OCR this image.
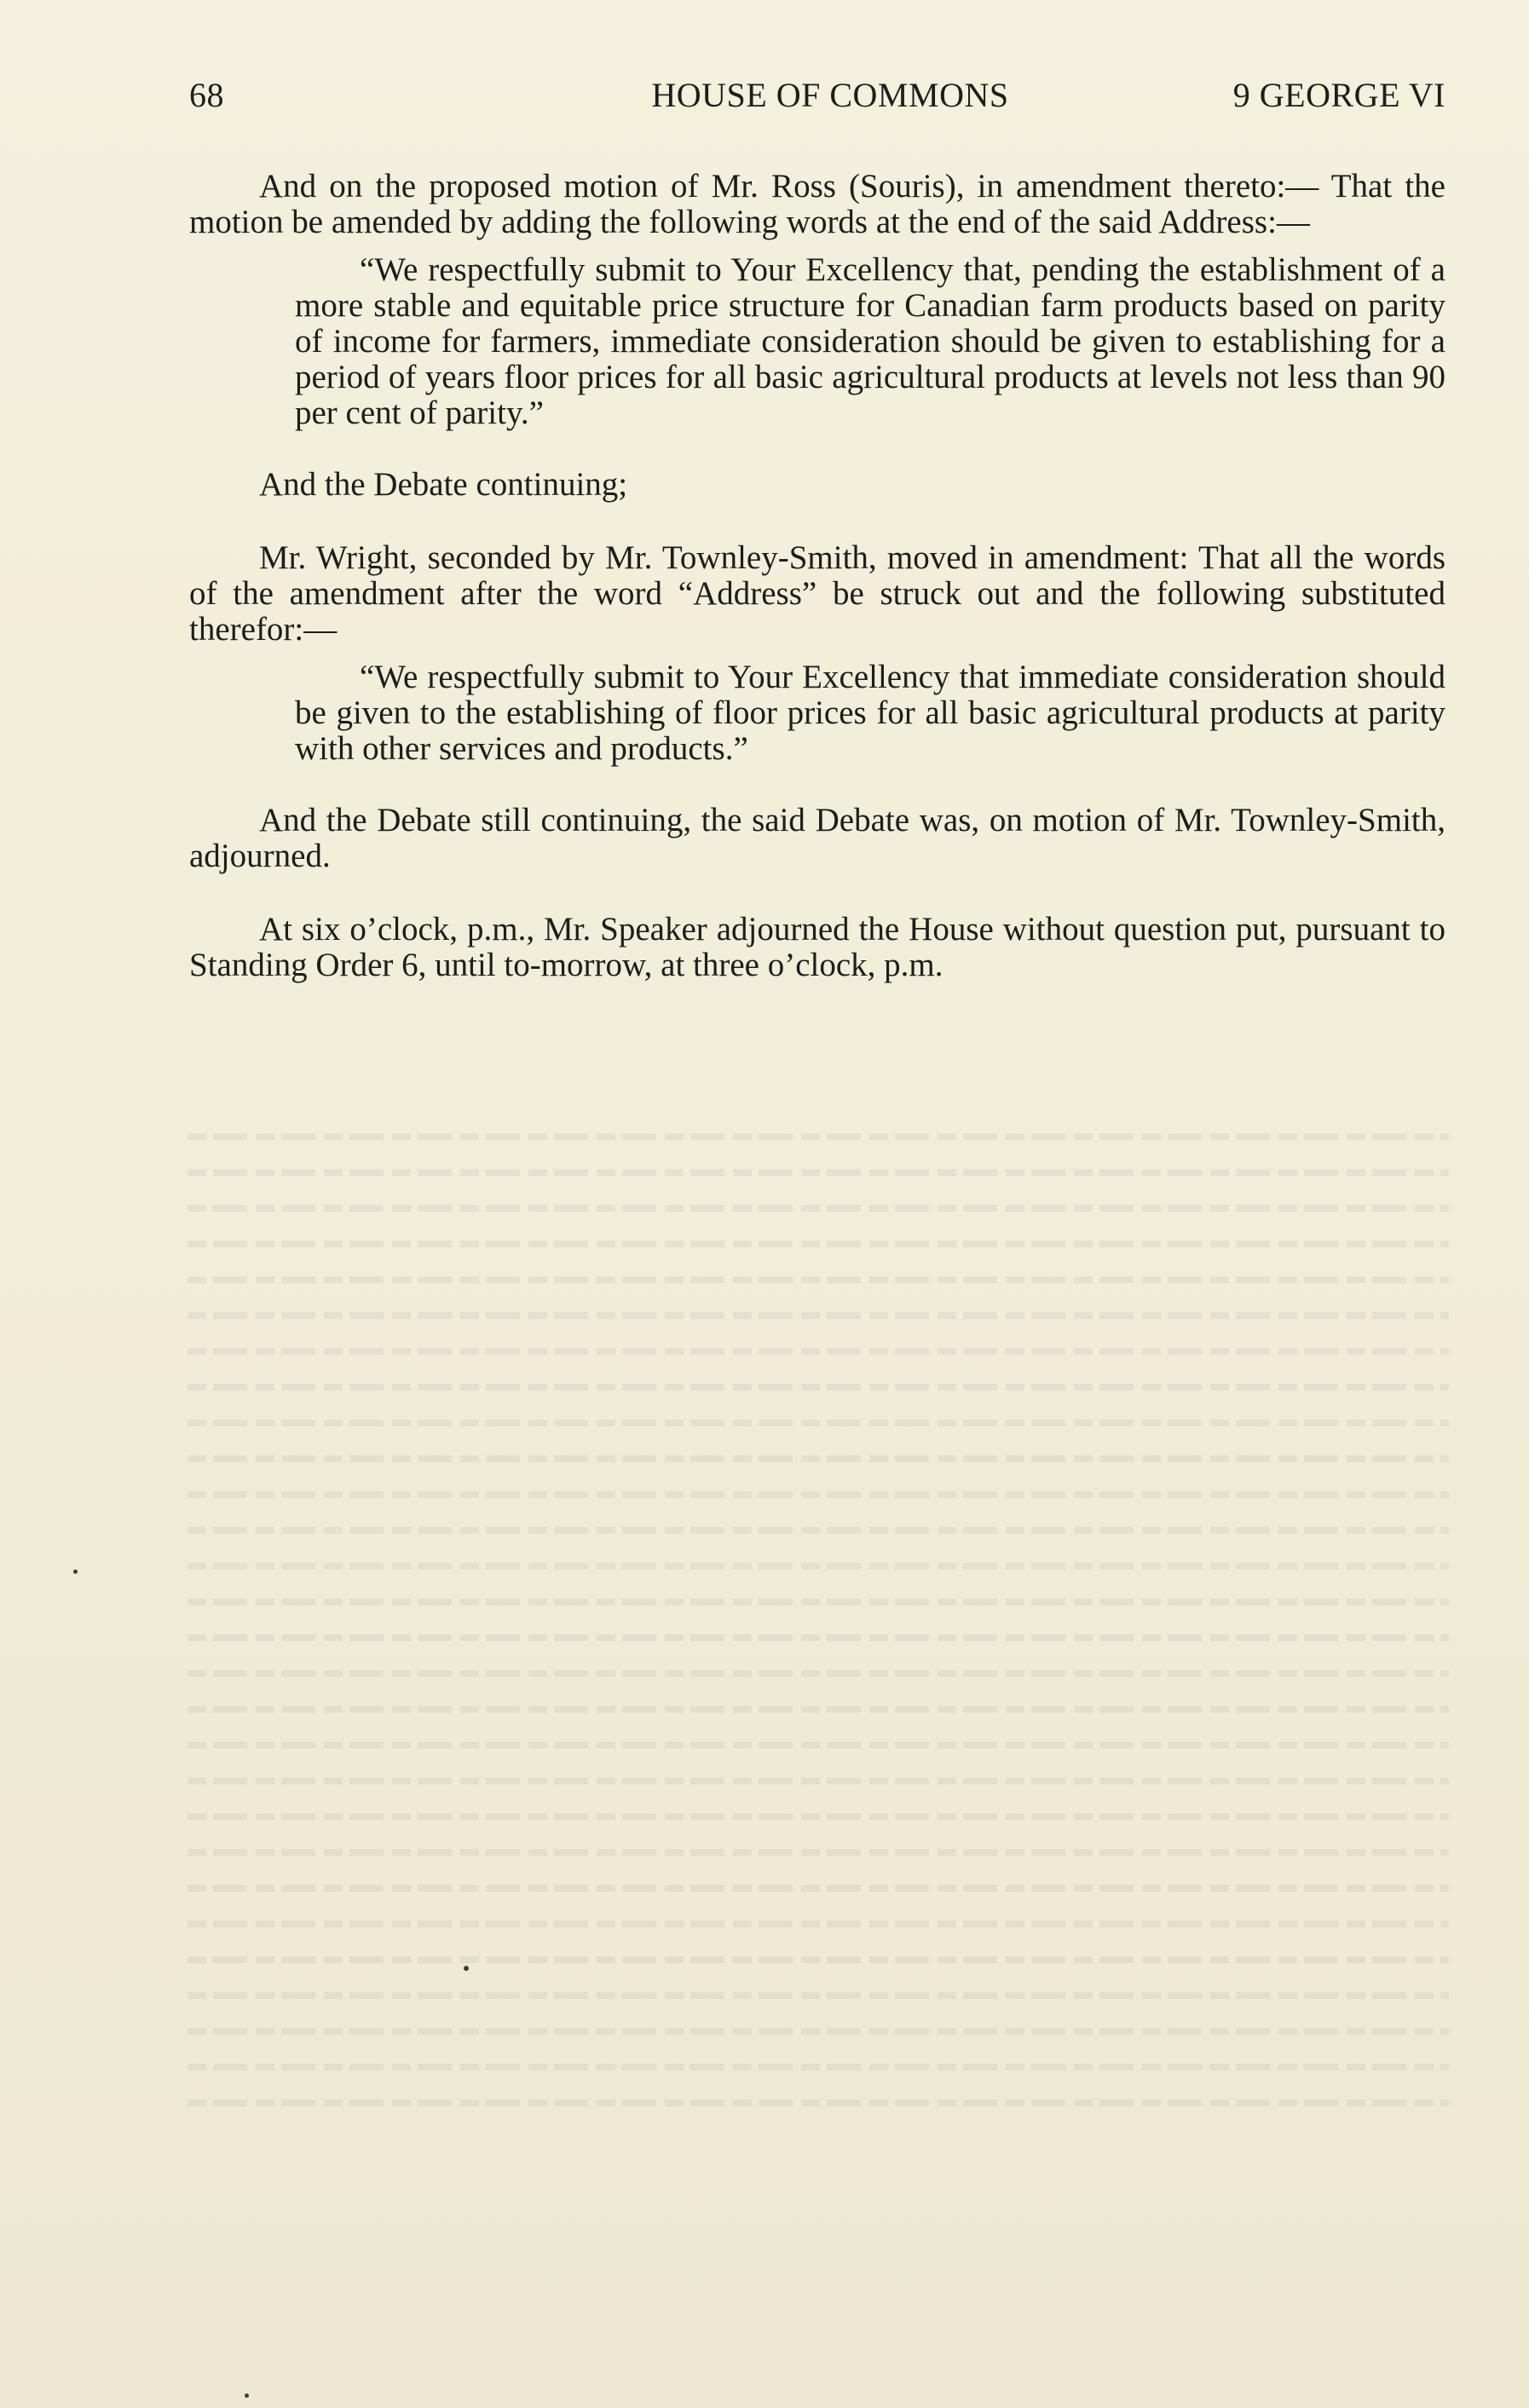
68	HOUSE OF COMMONS	9 GEORGE VI

And on the proposed motion of Mr. Ross (Souris), in amendment thereto:— That the motion be amended by adding the following words at the end of the said Address:—

“We respectfully submit to Your Excellency that, pending the establishment of a more stable and equitable price structure for Canadian farm products based on parity of income for farmers, immediate consideration should be given to establishing for a period of years floor prices for all basic agricultural products at levels not less than 90 per cent of parity.”

And the Debate continuing;

Mr. Wright, seconded by Mr. Townley-Smith, moved in amendment: That all the words of the amendment after the word “Address” be struck out and the following substituted therefor:—

“We respectfully submit to Your Excellency that immediate consideration should be given to the establishing of floor prices for all basic agricultural products at parity with other services and products.”

And the Debate still continuing, the said Debate was, on motion of Mr. Townley-Smith, adjourned.

At six o’clock, p.m., Mr. Speaker adjourned the House without question put, pursuant to Standing Order 6, until to-morrow, at three o’clock, p.m.
